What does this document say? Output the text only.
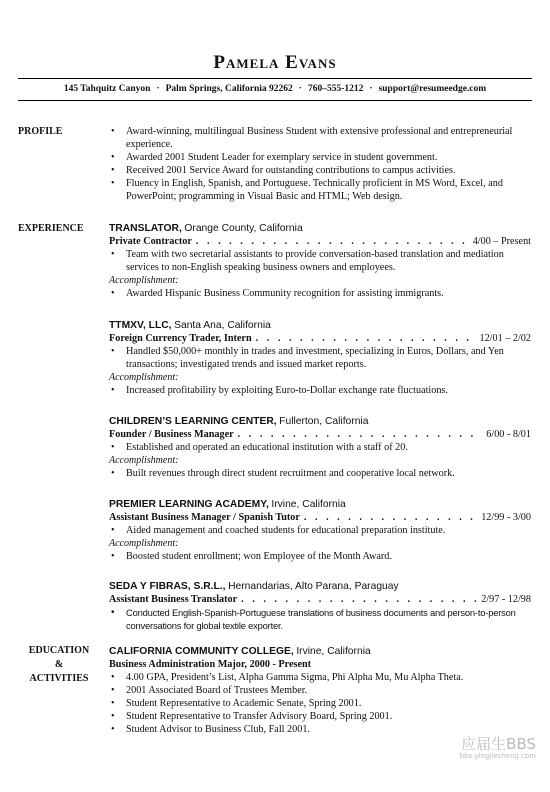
Pamela Evans
145 Tahquitz Canyon · Palm Springs, California 92262 · 760–555-1212 · support@resumeedge.com
PROFILE	• Award-winning, multilingual Business Student with extensive professional and entrepreneurial experience.

• Awarded 2001 Student Leader for exemplary service in student government.

• Received 2001 Service Award for outstanding contributions to campus activities.

• Fluency in English, Spanish, and Portuguese. Technically proficient in MS Word, Excel, and PowerPoint; programming in Visual Basic and HTML; Web design.

EXPERIENCE	TRANSLATOR, Orange County, California
Private Contractor . . .	4/00 – Present

• Team with two secretarial assistants to provide conversation-based translation and mediation services to non-English speaking business owners and employees.

Accomplishment:

• Awarded Hispanic Business Community recognition for assisting immigrants.

TTMXV, LLC, Santa Ana, California
Foreign Currency Trader, Intern . . .	12/01 – 2/02

• Handled $50,000+ monthly in trades and investment, specializing in Euros, Dollars, and Yen transactions; investigated trends and issued market reports.

Accomplishment:

• Increased profitability by exploiting Euro-to-Dollar exchange rate fluctuations.

CHILDREN’S LEARNING CENTER, Fullerton, California
Founder / Business Manager . . .	6/00 - 8/01

• Established and operated an educational institution with a staff of 20.

Accomplishment:

• Built revenues through direct student recruitment and cooperative local network.

PREMIER LEARNING ACADEMY, Irvine, California
Assistant Business Manager / Spanish Tutor . . .	12/99 - 3/00

• Aided management and coached students for educational preparation institute.

Accomplishment:

• Boosted student enrollment; won Employee of the Month Award.

SEDA Y FIBRAS, S.R.L., Hernandarias, Alto Parana, Paraguay
Assistant Business Translator . . .	2/97 - 12/98

• Conducted English-Spanish-Portuguese translations of business documents and person-to-person conversations for global textile exporter.

EDUCATION
&
ACTIVITIES
CALIFORNIA COMMUNITY COLLEGE, Irvine, California
Business Administration Major, 2000 - Present

• 4.00 GPA, President’s List, Alpha Gamma Sigma, Phi Alpha Mu, Mu Alpha Theta.

• 2001 Associated Board of Trustees Member.

• Student Representative to Academic Senate, Spring 2001.

• Student Representative to Transfer Advisory Board, Spring 2001.

• Student Advisor to Business Club, Fall 2001.

应届生BBS
bbs.yingjiesheng.com
